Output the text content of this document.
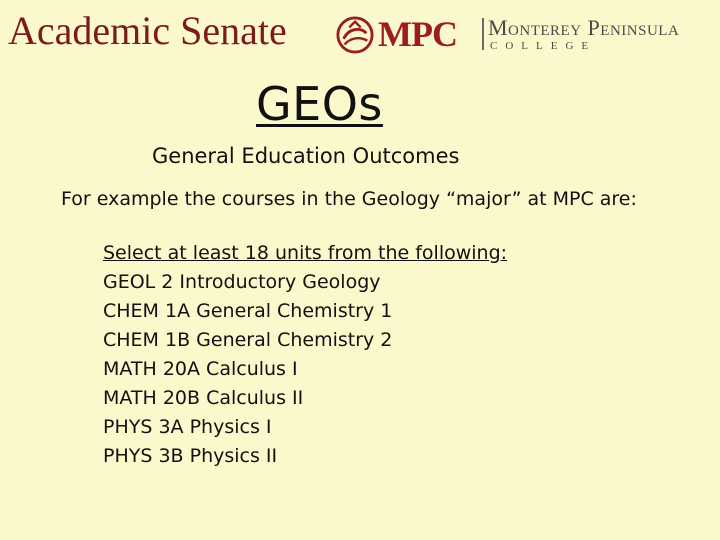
Academic Senate	MPC Monterey Peninsula
COLLEGE
GEOs
General Education Outcomes
For example the courses in the Geology “major” at MPC are:
Select at least 18 units from the following:
GEOL 2 Introductory Geology
CHEM 1A General Chemistry 1
CHEM 1B General Chemistry 2
MATH 20A Calculus I
MATH 20B Calculus II
PHYS 3A Physics I
PHYS 3B Physics II
